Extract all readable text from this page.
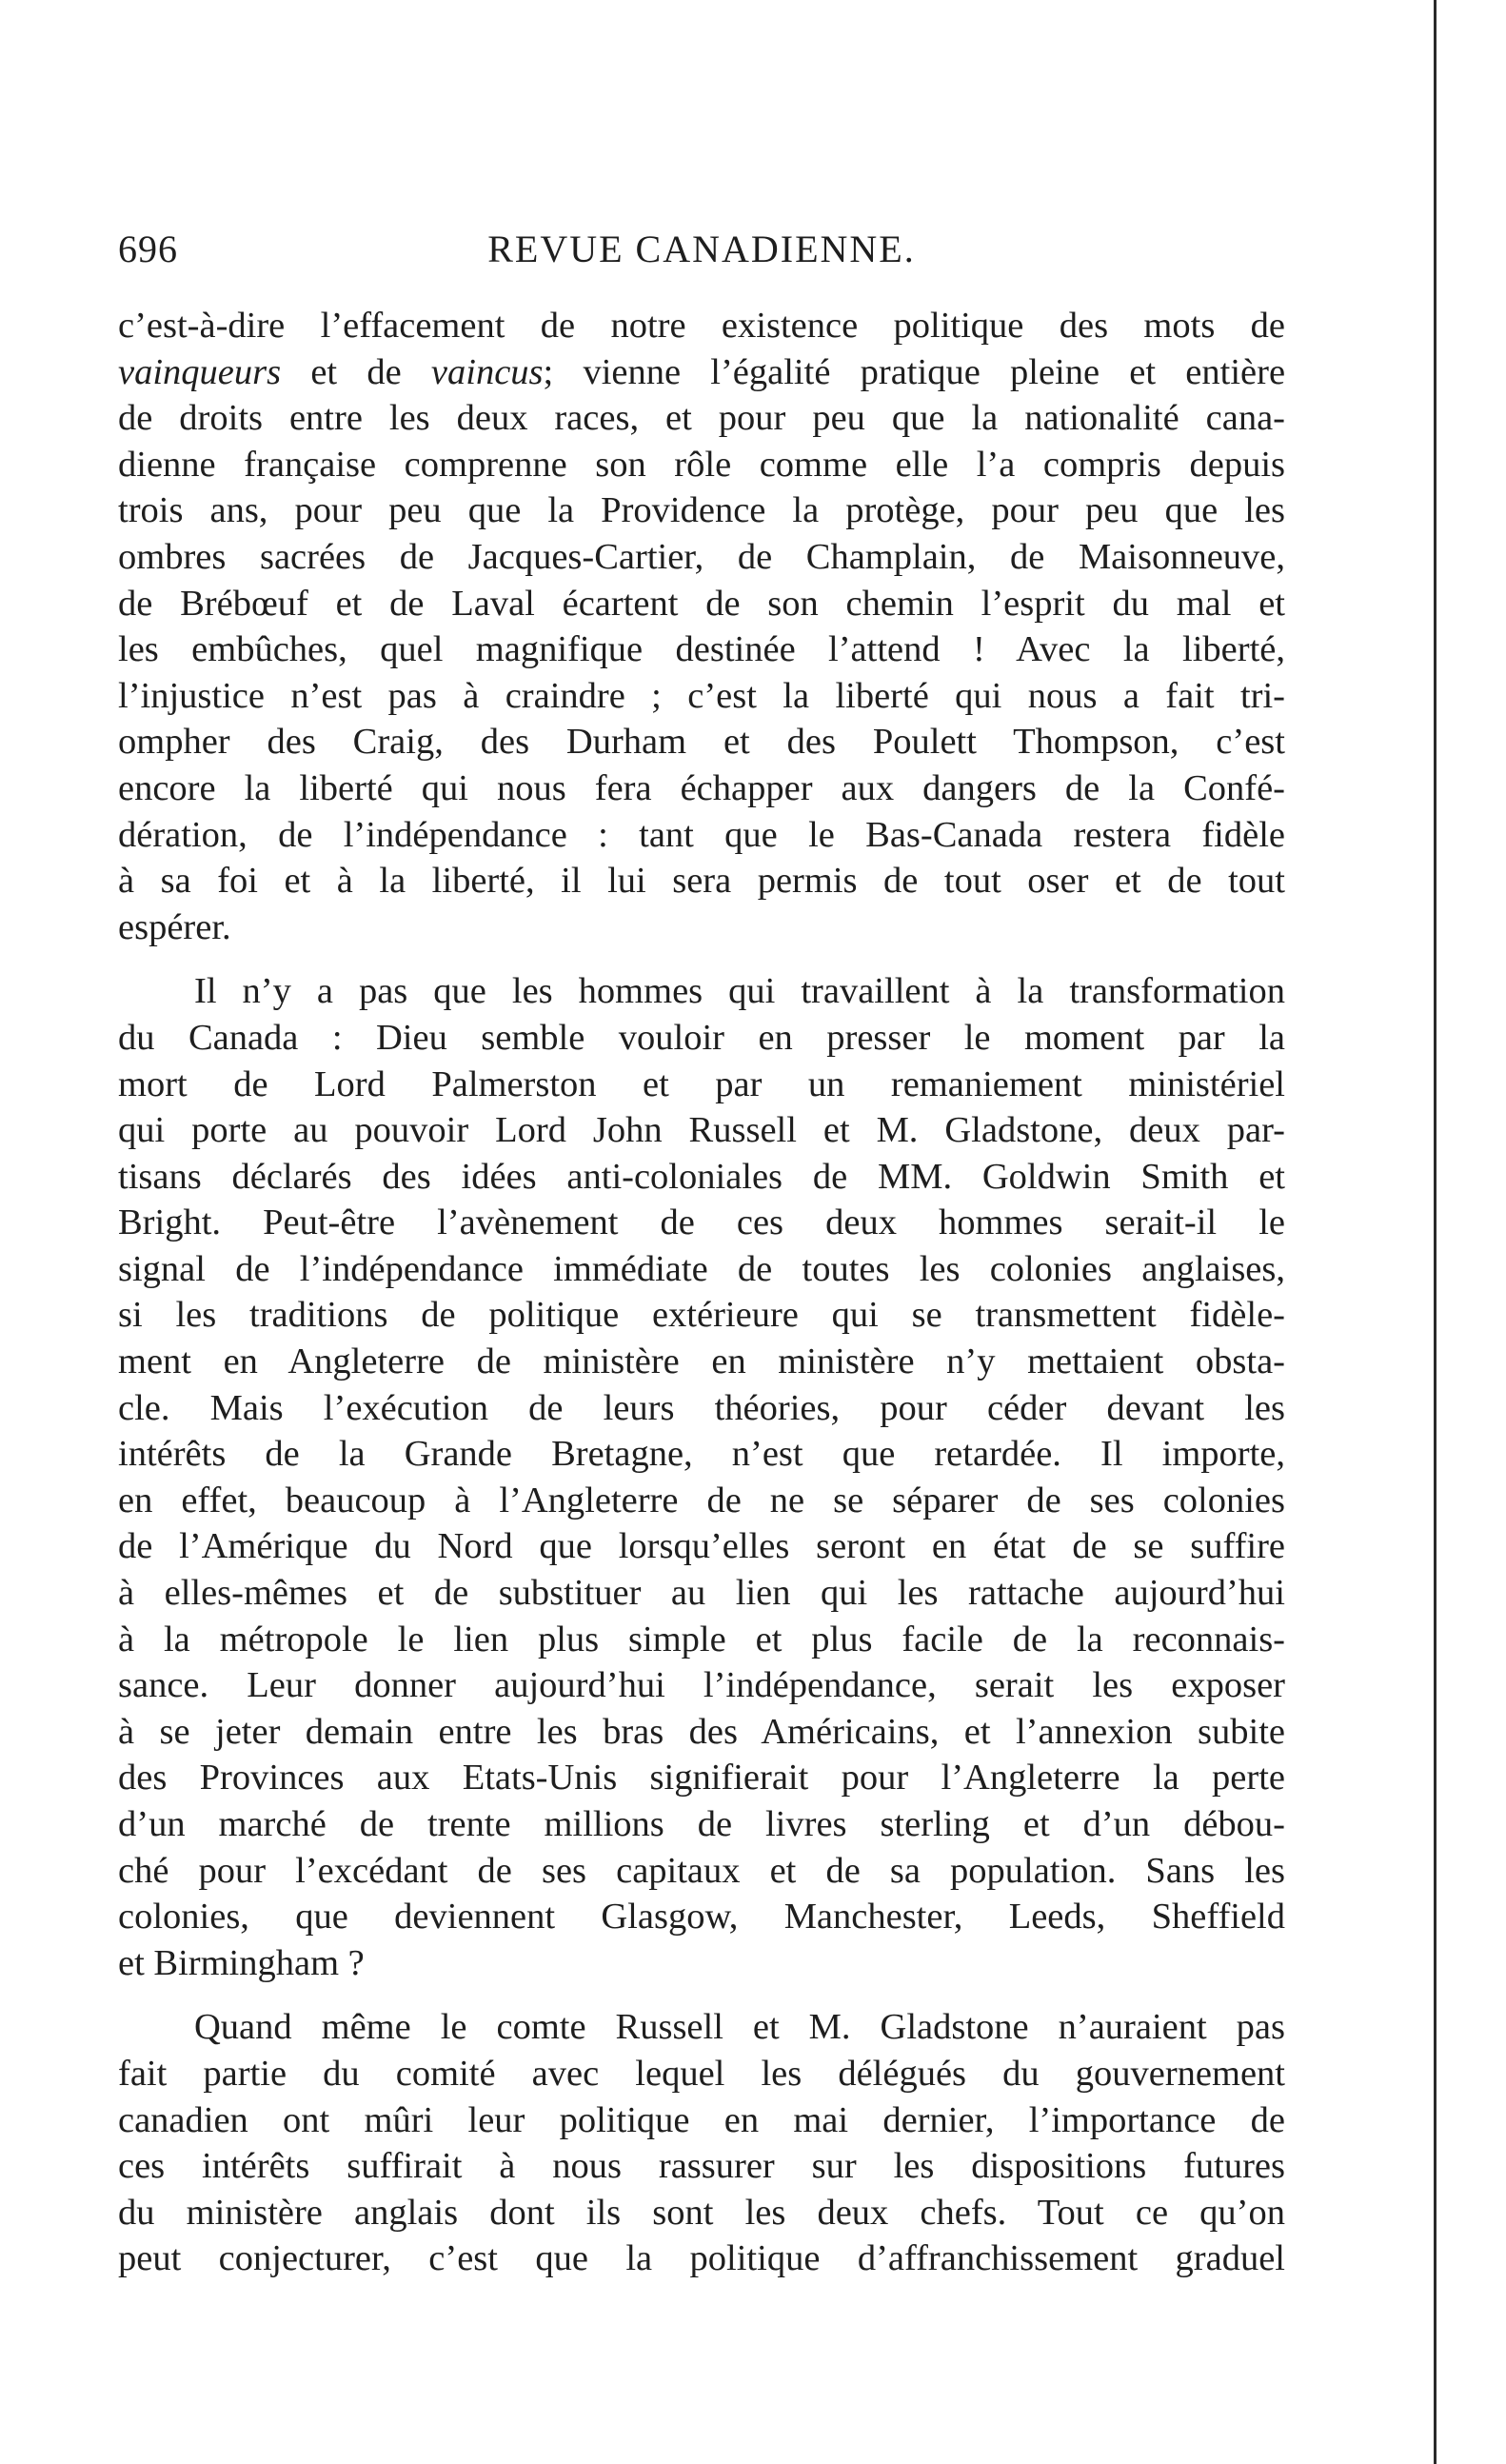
696	REVUE CANADIENNE.
c’est-à-dire l’effacement de notre existence politique des mots de
vainqueurs et de vaincus; vienne l’égalité pratique pleine et entière
de droits entre les deux races, et pour peu que la nationalité cana-
dienne française comprenne son rôle comme elle l’a compris depuis
trois ans, pour peu que la Providence la protège, pour peu que les
ombres sacrées de Jacques-Cartier, de Champlain, de Maisonneuve,
de Brébœuf et de Laval écartent de son chemin l’esprit du mal et
les embûches, quel magnifique destinée l’attend ! Avec la liberté,
l’injustice n’est pas à craindre ; c’est la liberté qui nous a fait tri-
ompher des Craig, des Durham et des Poulett Thompson, c’est
encore la liberté qui nous fera échapper aux dangers de la Confé-
dération, de l’indépendance : tant que le Bas-Canada restera fidèle
à sa foi et à la liberté, il lui sera permis de tout oser et de tout
espérer.
Il n’y a pas que les hommes qui travaillent à la transformation
du Canada : Dieu semble vouloir en presser le moment par la
mort de Lord Palmerston et par un remaniement ministériel
qui porte au pouvoir Lord John Russell et M. Gladstone, deux par-
tisans déclarés des idées anti-coloniales de MM. Goldwin Smith et
Bright. Peut-être l’avènement de ces deux hommes serait-il le
signal de l’indépendance immédiate de toutes les colonies anglaises,
si les traditions de politique extérieure qui se transmettent fidèle-
ment en Angleterre de ministère en ministère n’y mettaient obsta-
cle. Mais l’exécution de leurs théories, pour céder devant les
intérêts de la Grande Bretagne, n’est que retardée. Il importe,
en effet, beaucoup à l’Angleterre de ne se séparer de ses colonies
de l’Amérique du Nord que lorsqu’elles seront en état de se suffire
à elles-mêmes et de substituer au lien qui les rattache aujourd’hui
à la métropole le lien plus simple et plus facile de la reconnais-
sance. Leur donner aujourd’hui l’indépendance, serait les exposer
à se jeter demain entre les bras des Américains, et l’annexion subite
des Provinces aux Etats-Unis signifierait pour l’Angleterre la perte
d’un marché de trente millions de livres sterling et d’un débou-
ché pour l’excédant de ses capitaux et de sa population. Sans les
colonies, que deviennent Glasgow, Manchester, Leeds, Sheffield
et Birmingham ?
Quand même le comte Russell et M. Gladstone n’auraient pas
fait partie du comité avec lequel les délégués du gouvernement
canadien ont mûri leur politique en mai dernier, l’importance de
ces intérêts suffirait à nous rassurer sur les dispositions futures
du ministère anglais dont ils sont les deux chefs. Tout ce qu’on
peut conjecturer, c’est que la politique d’affranchissement graduel
